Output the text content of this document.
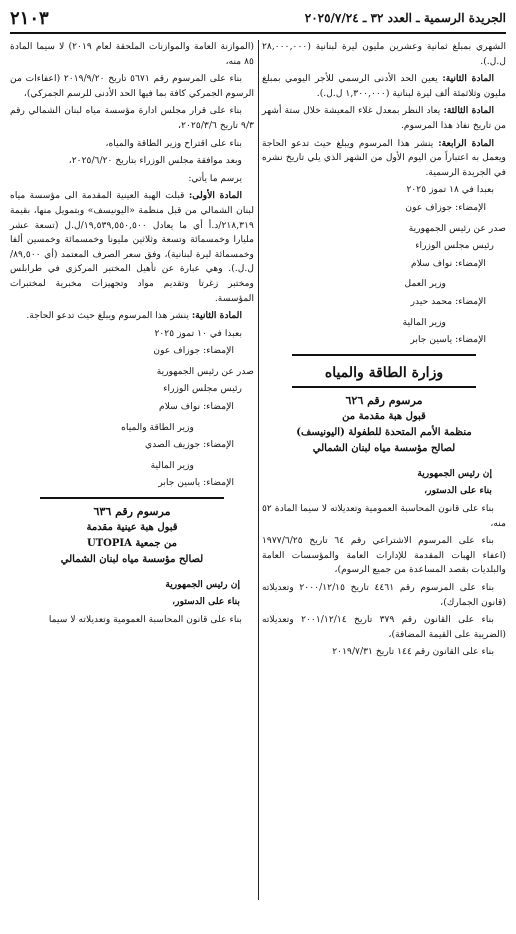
الجريدة الرسمية ـ العدد ٣٢ ـ ٢٠٢٥/٧/٢٤
٢١٠٣

الشهري بمبلغ ثمانية وعشرين مليون ليرة لبنانية (٢٨,٠٠٠,٠٠٠ ل.ل.).

المادة الثانية: يعين الحد الأدنى الرسمي للأجر اليومي بمبلغ مليون وثلاثمئة ألف ليرة لبنانية (١,٣٠٠,٠٠٠ ل.ل.).

المادة الثالثة: يعاد النظر بمعدل غلاء المعيشة خلال ستة أشهر من تاريخ نفاذ هذا المرسوم.

المادة الرابعة: ينشر هذا المرسوم ويبلغ حيث تدعو الحاجة ويعمل به اعتباراً من اليوم الأول من الشهر الذي يلي تاريخ نشره في الجريدة الرسمية.

بعبدا في ١٨ تموز ٢٠٢٥

الإمضاء: جوزاف عون

صدر عن رئيس الجمهورية

رئيس مجلس الوزراء

الإمضاء: نواف سلام

وزير العمل

الإمضاء: محمد حيدر

وزير المالية

الإمضاء: ياسين جابر

وزارة الطاقة والمياه
مرسوم رقم ٦٢٦
قبول هبة مقدمة من
منظمة الأمم المتحدة للطفولة (اليونيسف)
لصالح مؤسسة مياه لبنان الشمالي

إن رئيس الجمهورية

بناء على الدستور،

بناء على قانون المحاسبة العمومية وتعديلاته لا سيما المادة ٥٢ منه،

بناء على المرسوم الاشتراعي رقم ٦٤ تاريخ ١٩٧٧/٦/٢٥ (اعفاء الهبات المقدمة للإدارات العامة والمؤسسات العامة والبلديات بقصد المساعدة من جميع الرسوم)،

بناء على المرسوم رقم ٤٤٦١ تاريخ ٢٠٠٠/١٢/١٥ وتعديلاته (قانون الجمارك)،

بناء على القانون رقم ٣٧٩ تاريخ ٢٠٠١/١٢/١٤ وتعديلاته (الضريبة على القيمة المضافة)،

بناء على القانون رقم ١٤٤ تاريخ ٢٠١٩/٧/٣١

(الموازنة العامة والموازنات الملحقة لعام ٢٠١٩) لا سيما المادة ٨٥ منه،

بناء على المرسوم رقم ٥٦٧١ تاريخ ٢٠١٩/٩/٢٠ (اعفاءات من الرسوم الجمركي كافة بما فيها الحد الأدنى للرسم الجمركي)،

بناء على قرار مجلس ادارة مؤسسة مياه لبنان الشمالي رقم ٩/٣ تاريخ ٢٠٢٥/٣/٦،

بناء على اقتراح وزير الطاقة والمياه،

وبعد موافقة مجلس الوزراء بتاريخ ٢٠٢٥/٦/٢٠،

يرسم ما يأتي:

المادة الأولى: قبلت الهبة العينية المقدمة الى مؤسسة مياه لبنان الشمالي من قبل منظمة «اليونيسف» وبتمويل منها، بقيمة ٢١٨,٣١٩/د.أ أي ما يعادل ١٩,٥٣٩,٥٥٠,٥٠٠/ل.ل (تسعة عشر مليارا وخمسمائة وتسعة وثلاثين مليونا وخمسمائة وخمسين ألفا وخمسمائة ليرة لبنانية)، وفق سعر الصرف المعتمد (أي ٨٩,٥٠٠/ل.ل.). وهي عبارة عن تأهيل المختبر المركزي في طرابلس ومختبر زغرتا وتقديم مواد وتجهيزات مخبرية لمختبرات المؤسسة.

المادة الثانية: ينشر هذا المرسوم ويبلغ حيث تدعو الحاجة.

بعبدا في ١٠ تموز ٢٠٢٥

الإمضاء: جوزاف عون

صدر عن رئيس الجمهورية

رئيس مجلس الوزراء

الإمضاء: نواف سلام

وزير الطاقة والمياه

الإمضاء: جوزيف الصدي

وزير المالية

الإمضاء: ياسين جابر

مرسوم رقم ٦٣٦
قبول هبة عينية مقدمة
من جمعية UTOPIA
لصالح مؤسسة مياه لبنان الشمالي

إن رئيس الجمهورية

بناء على الدستور،

بناء على قانون المحاسبة العمومية وتعديلاته لا سيما
